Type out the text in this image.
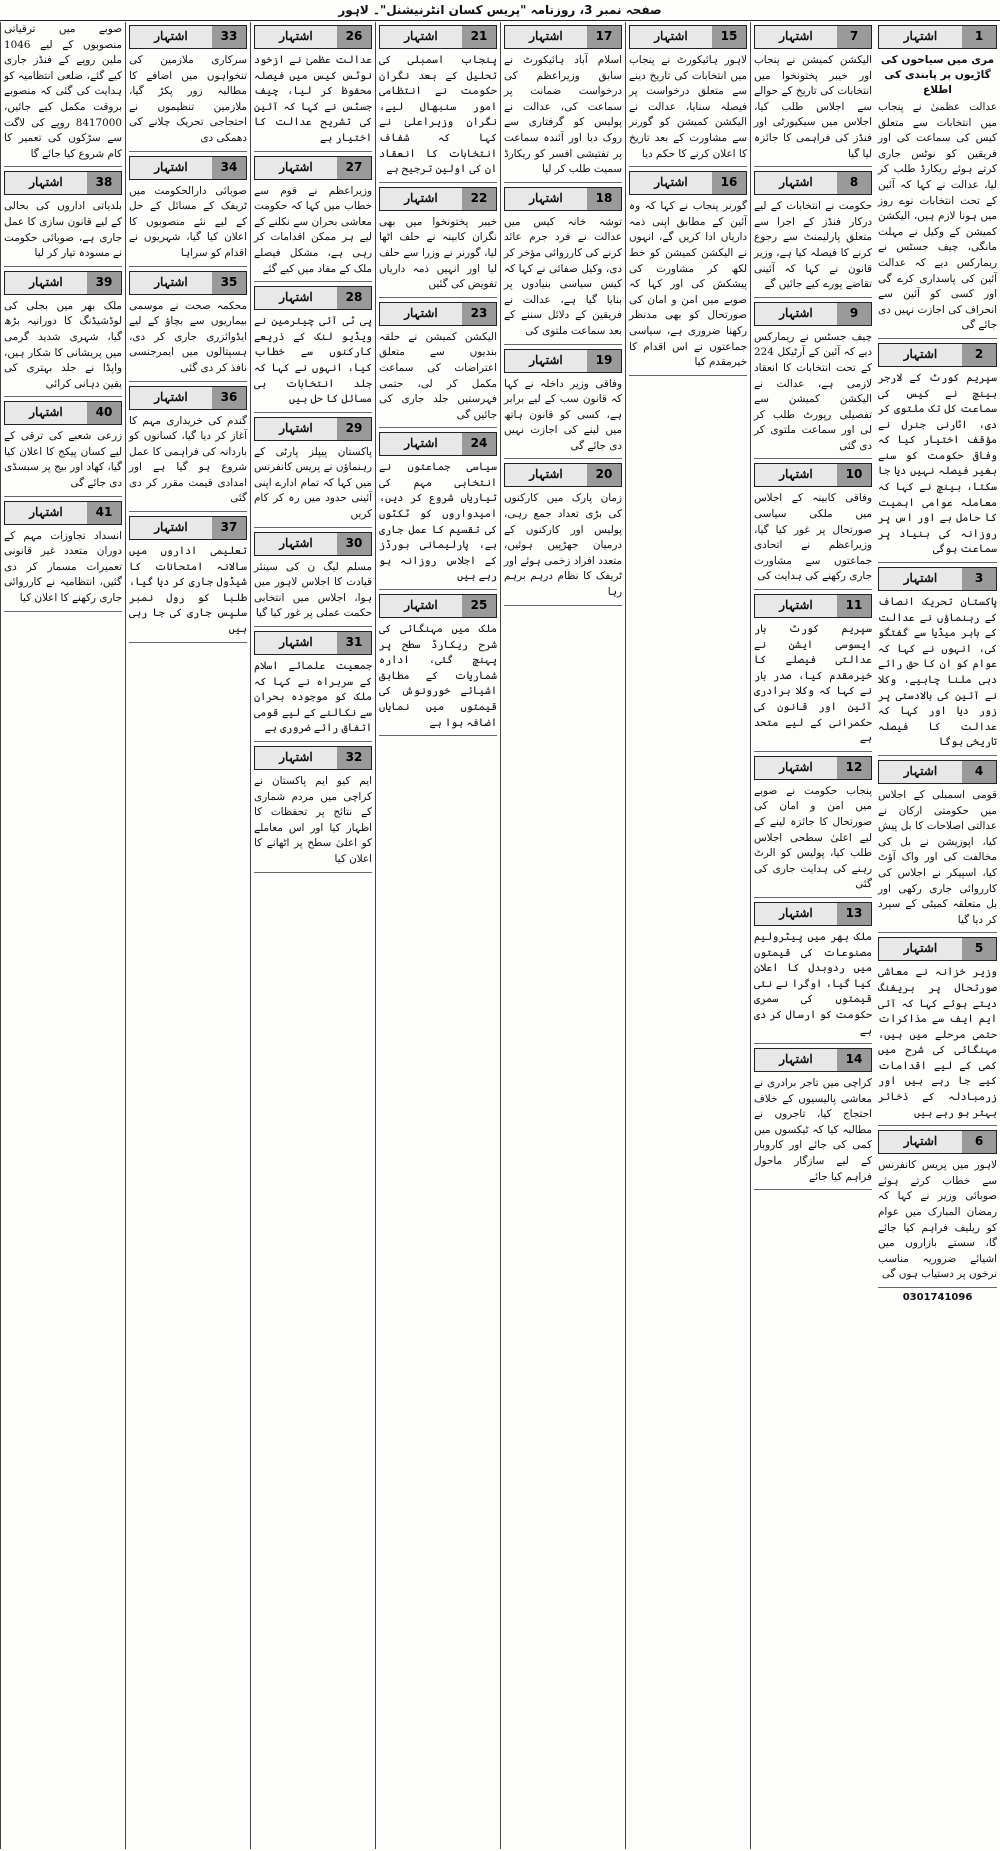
صفحہ نمبر 3، روزنامہ "پریس کسان انٹرنیشنل"۔ لاہور
1
اشتہار

مری میں سیاحوں کی گاڑیوں پر پابندی کی اطلاع

عدالت عظمیٰ نے پنجاب میں انتخابات سے متعلق کیس کی سماعت کی اور فریقین کو نوٹس جاری کرتے ہوئے ریکارڈ طلب کر لیا، عدالت نے کہا کہ آئین کے تحت انتخابات نوے روز میں ہونا لازم ہیں، الیکشن کمیشن کے وکیل نے مہلت مانگی، چیف جسٹس نے ریمارکس دیے کہ عدالت آئین کی پاسداری کرے گی اور کسی کو آئین سے انحراف کی اجازت نہیں دی جائے گی

2
اشتہار

سپریم کورٹ کے لارجر بینچ نے کیس کی سماعت کل تک ملتوی کر دی، اٹارنی جنرل نے مؤقف اختیار کیا کہ وفاقی حکومت کو سنے بغیر فیصلہ نہیں دیا جا سکتا، بینچ نے کہا کہ معاملہ عوامی اہمیت کا حامل ہے اور اس پر روزانہ کی بنیاد پر سماعت ہوگی

3
اشتہار

پاکستان تحریک انصاف کے رہنماؤں نے عدالت کے باہر میڈیا سے گفتگو کی، انہوں نے کہا کہ عوام کو ان کا حق رائے دہی ملنا چاہیے، وکلا نے آئین کی بالادستی پر زور دیا اور کہا کہ عدالت کا فیصلہ تاریخی ہوگا

4
اشتہار

قومی اسمبلی کے اجلاس میں حکومتی ارکان نے عدالتی اصلاحات کا بل پیش کیا، اپوزیشن نے بل کی مخالفت کی اور واک آؤٹ کیا، اسپیکر نے اجلاس کی کارروائی جاری رکھی اور بل متعلقہ کمیٹی کے سپرد کر دیا گیا

5
اشتہار

وزیر خزانہ نے معاشی صورتحال پر بریفنگ دیتے ہوئے کہا کہ آئی ایم ایف سے مذاکرات حتمی مرحلے میں ہیں، مہنگائی کی شرح میں کمی کے لیے اقدامات کیے جا رہے ہیں اور زرمبادلہ کے ذخائر بہتر ہو رہے ہیں

6
اشتہار

لاہور میں پریس کانفرنس سے خطاب کرتے ہوئے صوبائی وزیر نے کہا کہ رمضان المبارک میں عوام کو ریلیف فراہم کیا جائے گا، سستے بازاروں میں اشیائے ضروریہ مناسب نرخوں پر دستیاب ہوں گی

0301741096
7
اشتہار

الیکشن کمیشن نے پنجاب اور خیبر پختونخوا میں انتخابات کی تاریخ کے حوالے سے اجلاس طلب کیا، اجلاس میں سیکیورٹی اور فنڈز کی فراہمی کا جائزہ لیا گیا

8
اشتہار

حکومت نے انتخابات کے لیے درکار فنڈز کے اجرا سے متعلق پارلیمنٹ سے رجوع کرنے کا فیصلہ کیا ہے، وزیر قانون نے کہا کہ آئینی تقاضے پورے کیے جائیں گے

9
اشتہار

چیف جسٹس نے ریمارکس دیے کہ آئین کے آرٹیکل 224 کے تحت انتخابات کا انعقاد لازمی ہے، عدالت نے الیکشن کمیشن سے تفصیلی رپورٹ طلب کر لی اور سماعت ملتوی کر دی گئی

10
اشتہار

وفاقی کابینہ کے اجلاس میں ملکی سیاسی صورتحال پر غور کیا گیا، وزیراعظم نے اتحادی جماعتوں سے مشاورت جاری رکھنے کی ہدایت کی

11
اشتہار

سپریم کورٹ بار ایسوسی ایشن نے عدالتی فیصلے کا خیرمقدم کیا، صدر بار نے کہا کہ وکلا برادری آئین اور قانون کی حکمرانی کے لیے متحد ہے

12
اشتہار

پنجاب حکومت نے صوبے میں امن و امان کی صورتحال کا جائزہ لینے کے لیے اعلیٰ سطحی اجلاس طلب کیا، پولیس کو الرٹ رہنے کی ہدایت جاری کی گئی

13
اشتہار

ملک بھر میں پیٹرولیم مصنوعات کی قیمتوں میں ردوبدل کا اعلان کیا گیا، اوگرا نے نئی قیمتوں کی سمری حکومت کو ارسال کر دی ہے

14
اشتہار

کراچی میں تاجر برادری نے معاشی پالیسیوں کے خلاف احتجاج کیا، تاجروں نے مطالبہ کیا کہ ٹیکسوں میں کمی کی جائے اور کاروبار کے لیے سازگار ماحول فراہم کیا جائے

15
اشتہار

لاہور ہائیکورٹ نے پنجاب میں انتخابات کی تاریخ دینے سے متعلق درخواست پر فیصلہ سنایا، عدالت نے الیکشن کمیشن کو گورنر سے مشاورت کے بعد تاریخ کا اعلان کرنے کا حکم دیا

16
اشتہار

گورنر پنجاب نے کہا کہ وہ آئین کے مطابق اپنی ذمہ داریاں ادا کریں گے، انہوں نے الیکشن کمیشن کو خط لکھ کر مشاورت کی پیشکش کی اور کہا کہ صوبے میں امن و امان کی صورتحال کو بھی مدنظر رکھنا ضروری ہے، سیاسی جماعتوں نے اس اقدام کا خیرمقدم کیا

17
اشتہار

اسلام آباد ہائیکورٹ نے سابق وزیراعظم کی درخواست ضمانت پر سماعت کی، عدالت نے پولیس کو گرفتاری سے روک دیا اور آئندہ سماعت پر تفتیشی افسر کو ریکارڈ سمیت طلب کر لیا

18
اشتہار

توشہ خانہ کیس میں عدالت نے فرد جرم عائد کرنے کی کارروائی مؤخر کر دی، وکیل صفائی نے کہا کہ کیس سیاسی بنیادوں پر بنایا گیا ہے، عدالت نے فریقین کے دلائل سننے کے بعد سماعت ملتوی کی

19
اشتہار

وفاقی وزیر داخلہ نے کہا کہ قانون سب کے لیے برابر ہے، کسی کو قانون ہاتھ میں لینے کی اجازت نہیں دی جائے گی

20
اشتہار

زمان پارک میں کارکنوں کی بڑی تعداد جمع رہی، پولیس اور کارکنوں کے درمیان جھڑپیں ہوئیں، متعدد افراد زخمی ہوئے اور ٹریفک کا نظام درہم برہم رہا

21
اشتہار

پنجاب اسمبلی کی تحلیل کے بعد نگران حکومت نے انتظامی امور سنبھال لیے، نگران وزیراعلیٰ نے کہا کہ شفاف انتخابات کا انعقاد ان کی اولین ترجیح ہے

22
اشتہار

خیبر پختونخوا میں بھی نگران کابینہ نے حلف اٹھا لیا، گورنر نے وزرا سے حلف لیا اور انہیں ذمہ داریاں تفویض کی گئیں

23
اشتہار

الیکشن کمیشن نے حلقہ بندیوں سے متعلق اعتراضات کی سماعت مکمل کر لی، حتمی فہرستیں جلد جاری کی جائیں گی

24
اشتہار

سیاسی جماعتوں نے انتخابی مہم کی تیاریاں شروع کر دیں، امیدواروں کو ٹکٹوں کی تقسیم کا عمل جاری ہے، پارلیمانی بورڈز کے اجلاس روزانہ ہو رہے ہیں

25
اشتہار

ملک میں مہنگائی کی شرح ریکارڈ سطح پر پہنچ گئی، ادارہ شماریات کے مطابق اشیائے خورونوش کی قیمتوں میں نمایاں اضافہ ہوا ہے

26
اشتہار

عدالت عظمیٰ نے ازخود نوٹس کیس میں فیصلہ محفوظ کر لیا، چیف جسٹس نے کہا کہ آئین کی تشریح عدالت کا اختیار ہے

27
اشتہار

وزیراعظم نے قوم سے خطاب میں کہا کہ حکومت معاشی بحران سے نکلنے کے لیے ہر ممکن اقدامات کر رہی ہے، مشکل فیصلے ملک کے مفاد میں کیے گئے

28
اشتہار

پی ٹی آئی چیئرمین نے ویڈیو لنک کے ذریعے کارکنوں سے خطاب کیا، انہوں نے کہا کہ جلد انتخابات ہی مسائل کا حل ہیں

29
اشتہار

پاکستان پیپلز پارٹی کے رہنماؤں نے پریس کانفرنس میں کہا کہ تمام ادارے اپنی آئینی حدود میں رہ کر کام کریں

30
اشتہار

مسلم لیگ ن کی سینئر قیادت کا اجلاس لاہور میں ہوا، اجلاس میں انتخابی حکمت عملی پر غور کیا گیا

31
اشتہار

جمعیت علمائے اسلام کے سربراہ نے کہا کہ ملک کو موجودہ بحران سے نکالنے کے لیے قومی اتفاق رائے ضروری ہے

32
اشتہار

ایم کیو ایم پاکستان نے کراچی میں مردم شماری کے نتائج پر تحفظات کا اظہار کیا اور اس معاملے کو اعلیٰ سطح پر اٹھانے کا اعلان کیا

33
اشتہار

سرکاری ملازمین کی تنخواہوں میں اضافے کا مطالبہ زور پکڑ گیا، ملازمین تنظیموں نے احتجاجی تحریک چلانے کی دھمکی دی

34
اشتہار

صوبائی دارالحکومت میں ٹریفک کے مسائل کے حل کے لیے نئے منصوبوں کا اعلان کیا گیا، شہریوں نے اقدام کو سراہا

35
اشتہار

محکمہ صحت نے موسمی بیماریوں سے بچاؤ کے لیے ایڈوائزری جاری کر دی، ہسپتالوں میں ایمرجنسی نافذ کر دی گئی

36
اشتہار

گندم کی خریداری مہم کا آغاز کر دیا گیا، کسانوں کو باردانہ کی فراہمی کا عمل شروع ہو گیا ہے اور امدادی قیمت مقرر کر دی گئی

37
اشتہار

تعلیمی اداروں میں سالانہ امتحانات کا شیڈول جاری کر دیا گیا، طلبا کو رول نمبر سلپس جاری کی جا رہی ہیں

صوبے میں ترقیاتی منصوبوں کے لیے 1046 ملین روپے کے فنڈز جاری کیے گئے، ضلعی انتظامیہ کو ہدایت کی گئی کہ منصوبے بروقت مکمل کیے جائیں، 8417000 روپے کی لاگت سے سڑکوں کی تعمیر کا کام شروع کیا جائے گا

38
اشتہار

بلدیاتی اداروں کی بحالی کے لیے قانون سازی کا عمل جاری ہے، صوبائی حکومت نے مسودہ تیار کر لیا

39
اشتہار

ملک بھر میں بجلی کی لوڈشیڈنگ کا دورانیہ بڑھ گیا، شہری شدید گرمی میں پریشانی کا شکار ہیں، واپڈا نے جلد بہتری کی یقین دہانی کرائی

40
اشتہار

زرعی شعبے کی ترقی کے لیے کسان پیکج کا اعلان کیا گیا، کھاد اور بیج پر سبسڈی دی جائے گی

41
اشتہار

انسداد تجاوزات مہم کے دوران متعدد غیر قانونی تعمیرات مسمار کر دی گئیں، انتظامیہ نے کارروائی جاری رکھنے کا اعلان کیا
